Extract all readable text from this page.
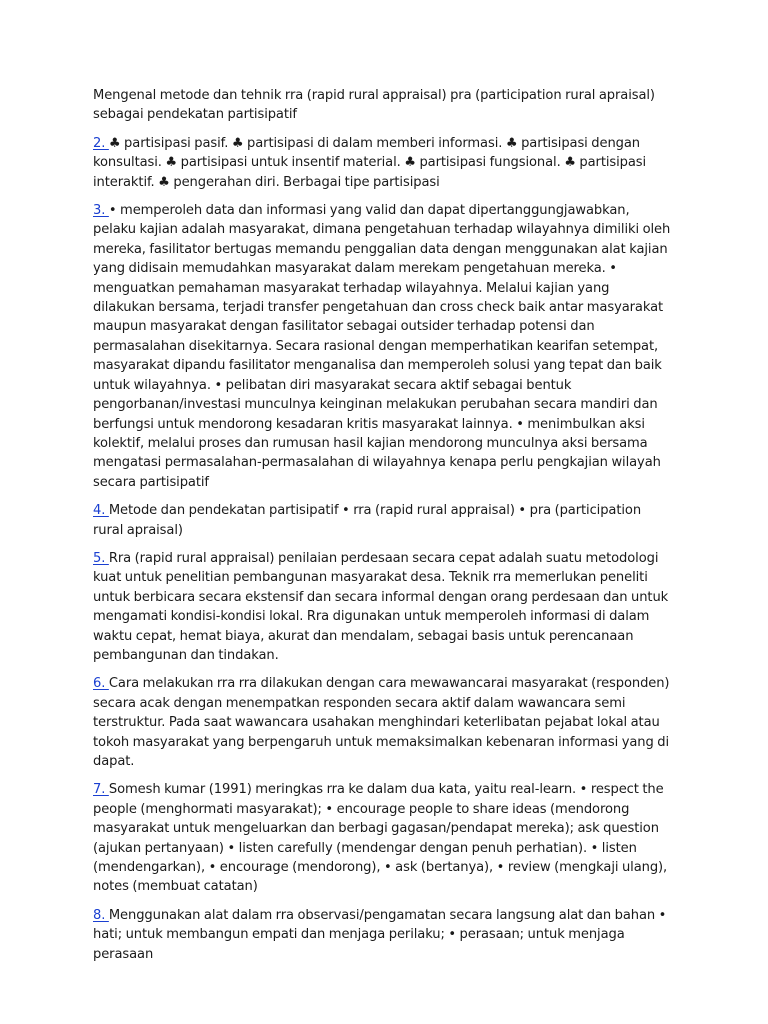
Mengenal metode dan tehnik rra (rapid rural appraisal) pra (participation rural apraisal) sebagai pendekatan partisipatif

2. ♣ partisipasi pasif. ♣ partisipasi di dalam memberi informasi. ♣ partisipasi dengan konsultasi. ♣ partisipasi untuk insentif material. ♣ partisipasi fungsional. ♣ partisipasi interaktif. ♣ pengerahan diri. Berbagai tipe partisipasi

3. • memperoleh data dan informasi yang valid dan dapat dipertanggungjawabkan, pelaku kajian adalah masyarakat, dimana pengetahuan terhadap wilayahnya dimiliki oleh mereka, fasilitator bertugas memandu penggalian data dengan menggunakan alat kajian yang didisain memudahkan masyarakat dalam merekam pengetahuan mereka. • menguatkan pemahaman masyarakat terhadap wilayahnya. Melalui kajian yang dilakukan bersama, terjadi transfer pengetahuan dan cross check baik antar masyarakat maupun masyarakat dengan fasilitator sebagai outsider terhadap potensi dan permasalahan disekitarnya. Secara rasional dengan memperhatikan kearifan setempat, masyarakat dipandu fasilitator menganalisa dan memperoleh solusi yang tepat dan baik untuk wilayahnya. • pelibatan diri masyarakat secara aktif sebagai bentuk pengorbanan/investasi munculnya keinginan melakukan perubahan secara mandiri dan berfungsi untuk mendorong kesadaran kritis masyarakat lainnya. • menimbulkan aksi kolektif, melalui proses dan rumusan hasil kajian mendorong munculnya aksi bersama mengatasi permasalahan-permasalahan di wilayahnya kenapa perlu pengkajian wilayah secara partisipatif

4. Metode dan pendekatan partisipatif • rra (rapid rural appraisal) • pra (participation rural apraisal)

5. Rra (rapid rural appraisal) penilaian perdesaan secara cepat adalah suatu metodologi kuat untuk penelitian pembangunan masyarakat desa. Teknik rra memerlukan peneliti untuk berbicara secara ekstensif dan secara informal dengan orang perdesaan dan untuk mengamati kondisi-kondisi lokal. Rra digunakan untuk memperoleh informasi di dalam waktu cepat, hemat biaya, akurat dan mendalam, sebagai basis untuk perencanaan pembangunan dan tindakan.

6. Cara melakukan rra rra dilakukan dengan cara mewawancarai masyarakat (responden) secara acak dengan menempatkan responden secara aktif dalam wawancara semi terstruktur. Pada saat wawancara usahakan menghindari keterlibatan pejabat lokal atau tokoh masyarakat yang berpengaruh untuk memaksimalkan kebenaran informasi yang di dapat.

7. Somesh kumar (1991) meringkas rra ke dalam dua kata, yaitu real-learn. • respect the people (menghormati masyarakat); • encourage people to share ideas (mendorong masyarakat untuk mengeluarkan dan berbagi gagasan/pendapat mereka); ask question (ajukan pertanyaan) • listen carefully (mendengar dengan penuh perhatian). • listen (mendengarkan), • encourage (mendorong), • ask (bertanya), • review (mengkaji ulang), notes (membuat catatan)

8. Menggunakan alat dalam rra observasi/pengamatan secara langsung alat dan bahan • hati; untuk membangun empati dan menjaga perilaku; • perasaan; untuk menjaga perasaan
